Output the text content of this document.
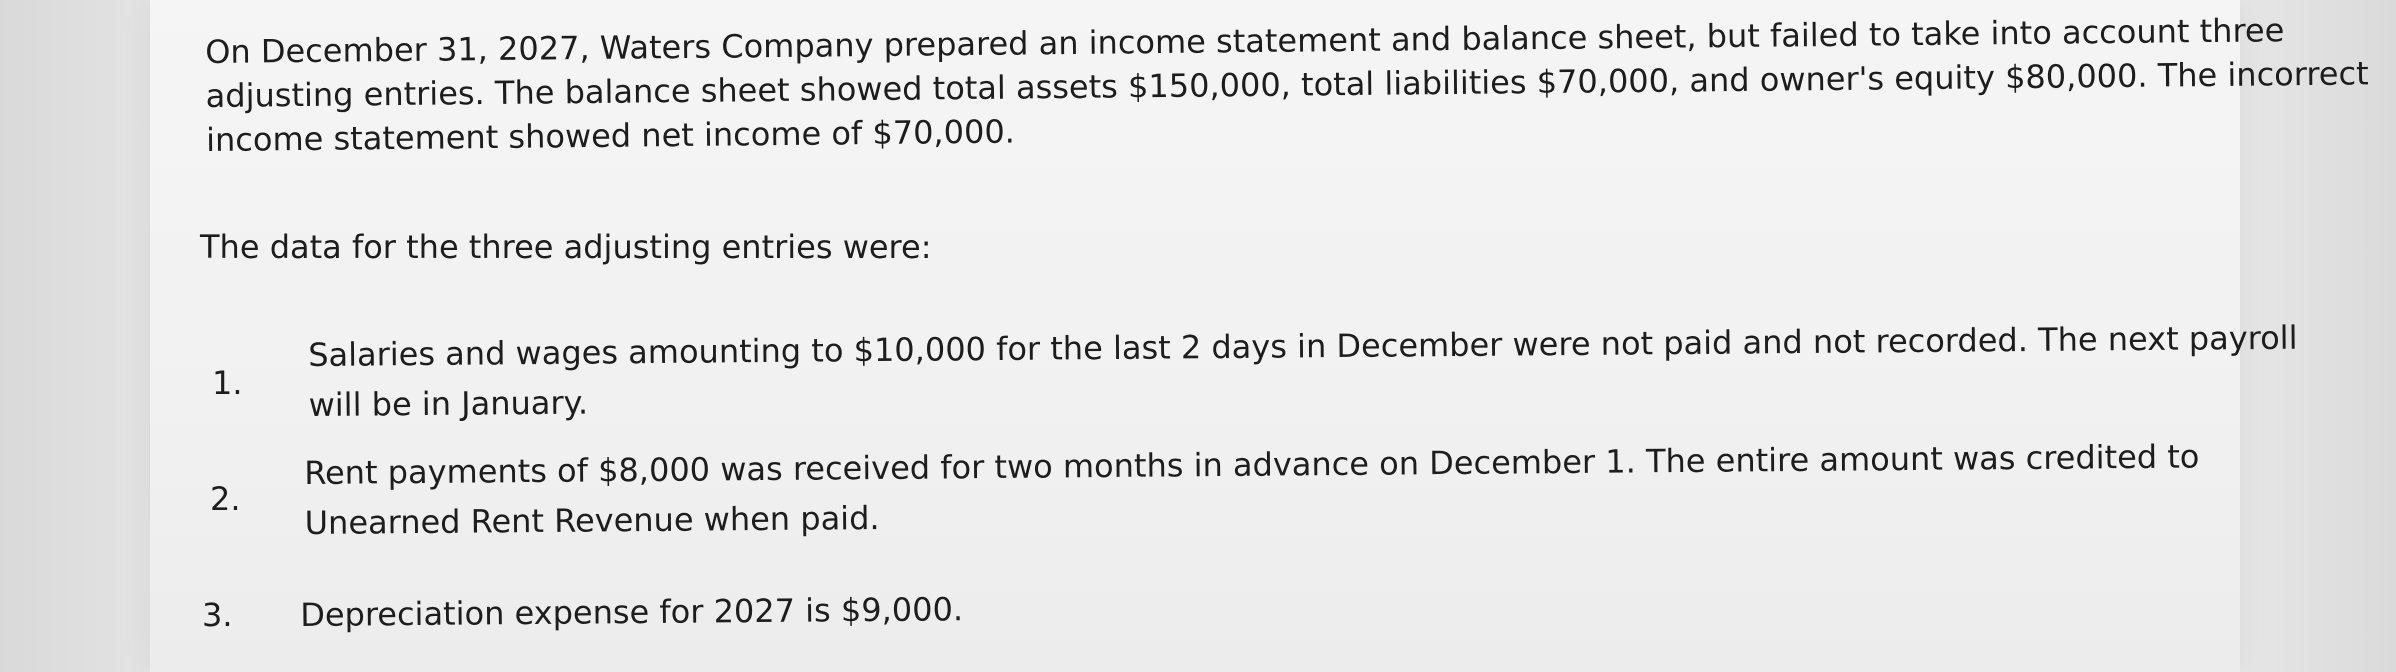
On December 31, 2027, Waters Company prepared an income statement and balance sheet, but failed to take into account three
adjusting entries. The balance sheet showed total assets $150,000, total liabilities $70,000, and owner's equity $80,000. The incorrect
income statement showed net income of $70,000.

The data for the three adjusting entries were:

1.
Salaries and wages amounting to $10,000 for the last 2 days in December were not paid and not recorded. The next payroll
will be in January.
2.
Rent payments of $8,000 was received for two months in advance on December 1. The entire amount was credited to
Unearned Rent Revenue when paid.
3. Depreciation expense for 2027 is $9,000.
